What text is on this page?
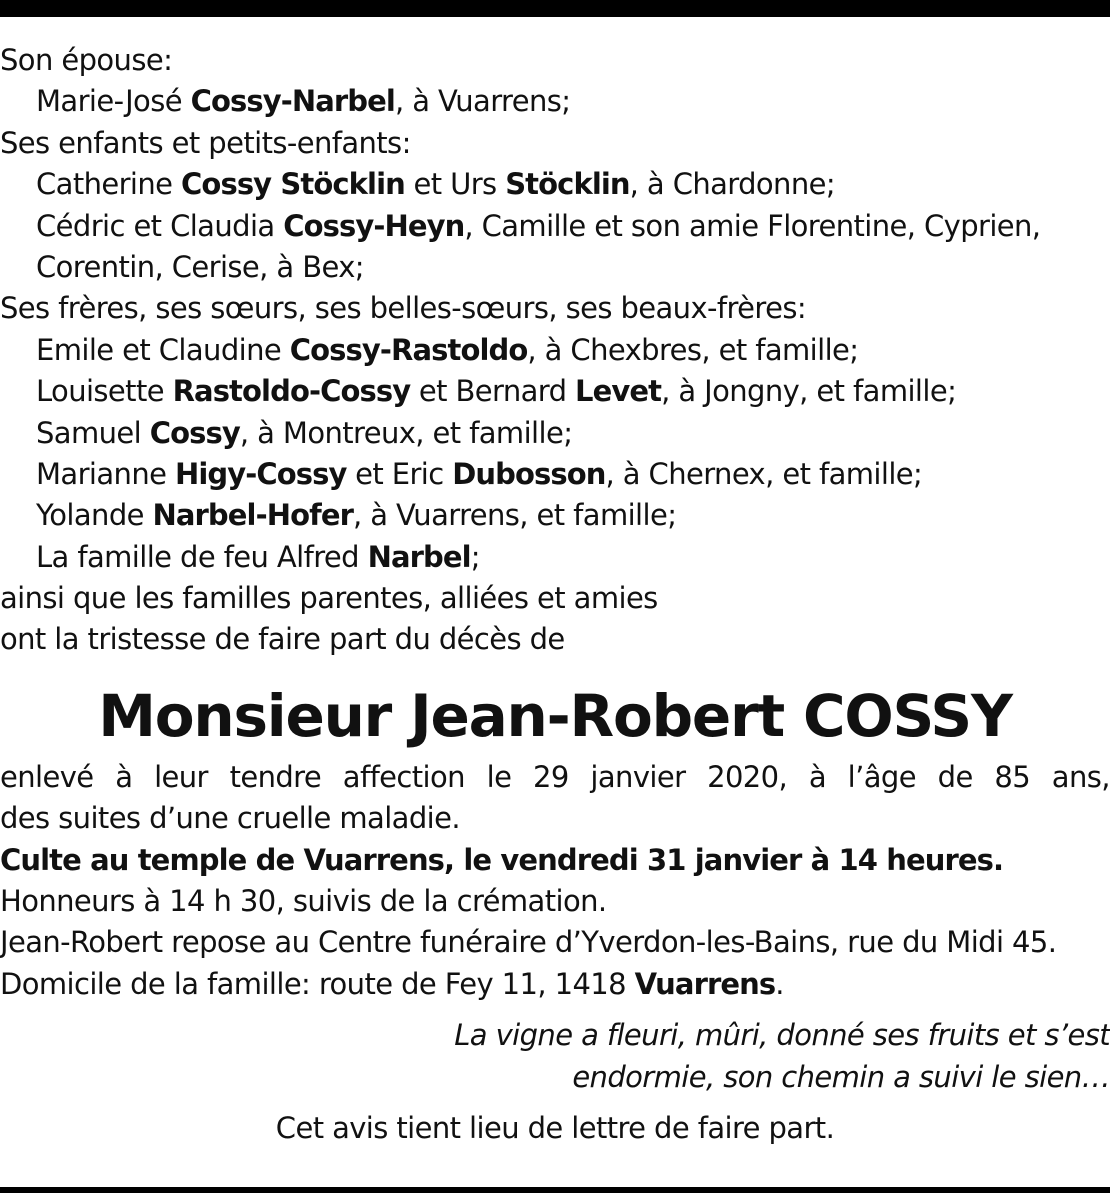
Son épouse:
Marie-José Cossy-Narbel, à Vuarrens;
Ses enfants et petits-enfants:
Catherine Cossy Stöcklin et Urs Stöcklin, à Chardonne;
Cédric et Claudia Cossy-Heyn, Camille et son amie Florentine, Cyprien,
Corentin, Cerise, à Bex;
Ses frères, ses sœurs, ses belles-sœurs, ses beaux-frères:
Emile et Claudine Cossy-Rastoldo, à Chexbres, et famille;
Louisette Rastoldo-Cossy et Bernard Levet, à Jongny, et famille;
Samuel Cossy, à Montreux, et famille;
Marianne Higy-Cossy et Eric Dubosson, à Chernex, et famille;
Yolande Narbel-Hofer, à Vuarrens, et famille;
La famille de feu Alfred Narbel;
ainsi que les familles parentes, alliées et amies
ont la tristesse de faire part du décès de
Monsieur Jean-Robert COSSY
enlevé à leur tendre affection le 29 janvier 2020, à l’âge de 85 ans,
des suites d’une cruelle maladie.
Culte au temple de Vuarrens, le vendredi 31 janvier à 14 heures.
Honneurs à 14 h 30, suivis de la crémation.
Jean-Robert repose au Centre funéraire d’Yverdon-les-Bains, rue du Midi 45.
Domicile de la famille: route de Fey 11, 1418 Vuarrens.
La vigne a fleuri, mûri, donné ses fruits et s’est
endormie, son chemin a suivi le sien…
Cet avis tient lieu de lettre de faire part.
